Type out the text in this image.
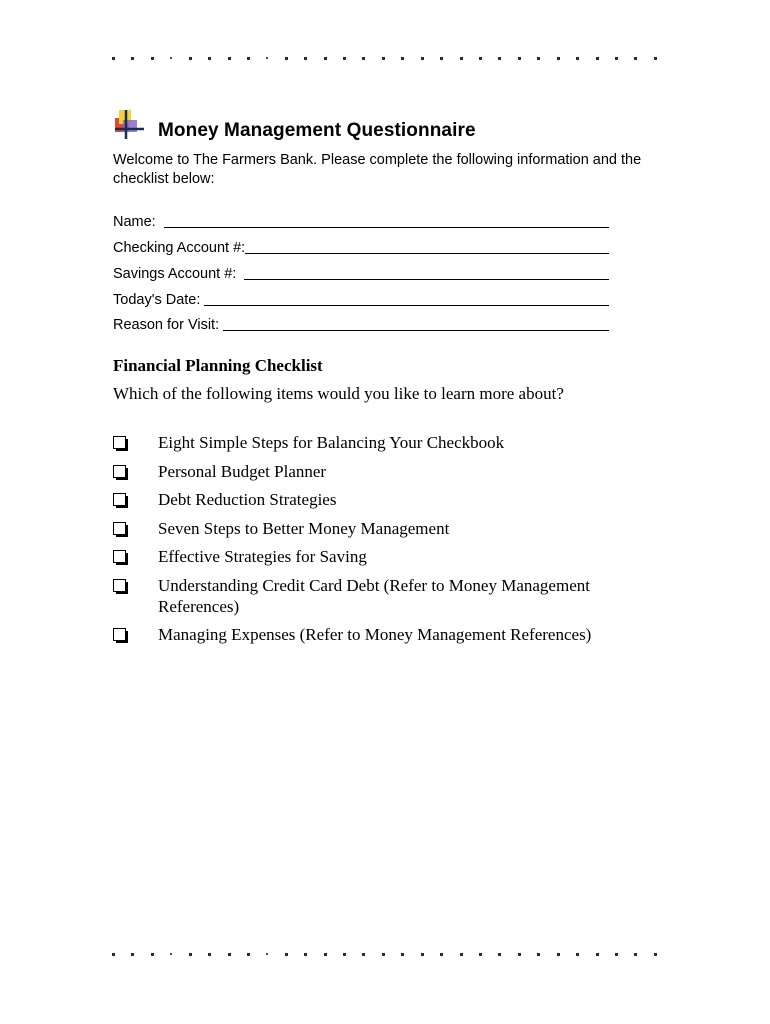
Money Management Questionnaire
Welcome to The Farmers Bank. Please complete the following information and the checklist below:
Name:
Checking Account #:
Savings Account #:
Today's Date:
Reason for Visit:
Financial Planning Checklist
Which of the following items would you like to learn more about?
Eight Simple Steps for Balancing Your Checkbook
Personal Budget Planner
Debt Reduction Strategies
Seven Steps to Better Money Management
Effective Strategies for Saving
Understanding Credit Card Debt (Refer to Money Management References)
Managing Expenses (Refer to Money Management References)
